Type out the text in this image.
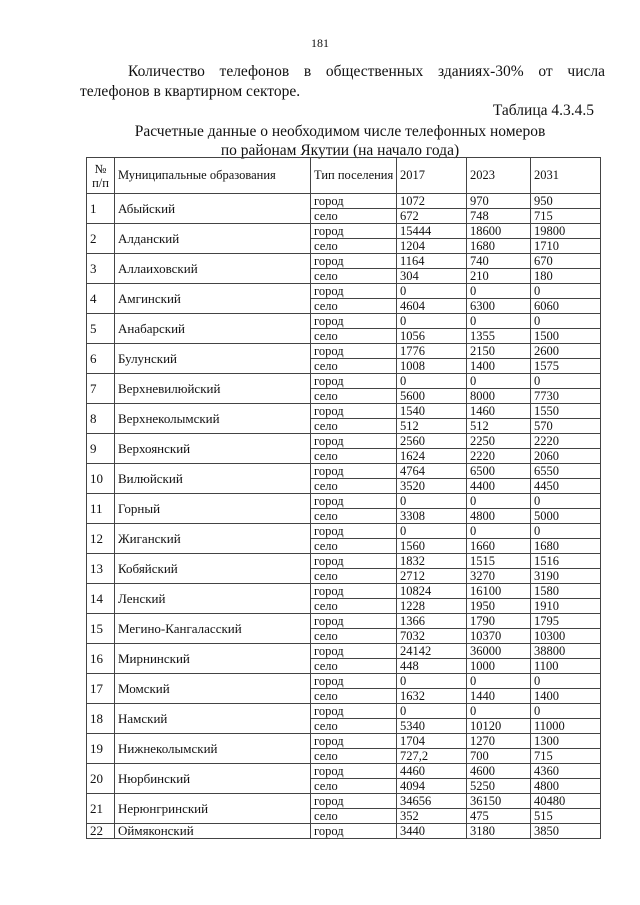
181
Количество телефонов в общественных зданиях-30% от числа
телефонов в квартирном секторе.
Таблица 4.3.4.5
Расчетные данные о необходимом числе телефонных номеров
по районам Якутии (на начало года)
№
п/п	Муниципальные образования	Тип поселения	2017	2023	2031
1	Абыйский	город	1072	970	950
		село	672	748	715
2	Алданский	город	15444	18600	19800
		село	1204	1680	1710
3	Аллаиховский	город	1164	740	670
		село	304	210	180
4	Амгинский	город	0	0	0
		село	4604	6300	6060
5	Анабарский	город	0	0	0
		село	1056	1355	1500
6	Булунский	город	1776	2150	2600
		село	1008	1400	1575
7	Верхневилюйский	город	0	0	0
		село	5600	8000	7730
8	Верхнеколымский	город	1540	1460	1550
		село	512	512	570
9	Верхоянский	город	2560	2250	2220
		село	1624	2220	2060
10	Вилюйский	город	4764	6500	6550
		село	3520	4400	4450
11	Горный	город	0	0	0
		село	3308	4800	5000
12	Жиганский	город	0	0	0
		село	1560	1660	1680
13	Кобяйский	город	1832	1515	1516
		село	2712	3270	3190
14	Ленский	город	10824	16100	1580
		село	1228	1950	1910
15	Мегино-Кангаласский	город	1366	1790	1795
		село	7032	10370	10300
16	Мирнинский	город	24142	36000	38800
		село	448	1000	1100
17	Момский	город	0	0	0
		село	1632	1440	1400
18	Намский	город	0	0	0
		село	5340	10120	11000
19	Нижнеколымский	город	1704	1270	1300
		село	727,2	700	715
20	Нюрбинский	город	4460	4600	4360
		село	4094	5250	4800
21	Нерюнгринский	город	34656	36150	40480
		село	352	475	515
22	Оймяконский	город	3440	3180	3850
